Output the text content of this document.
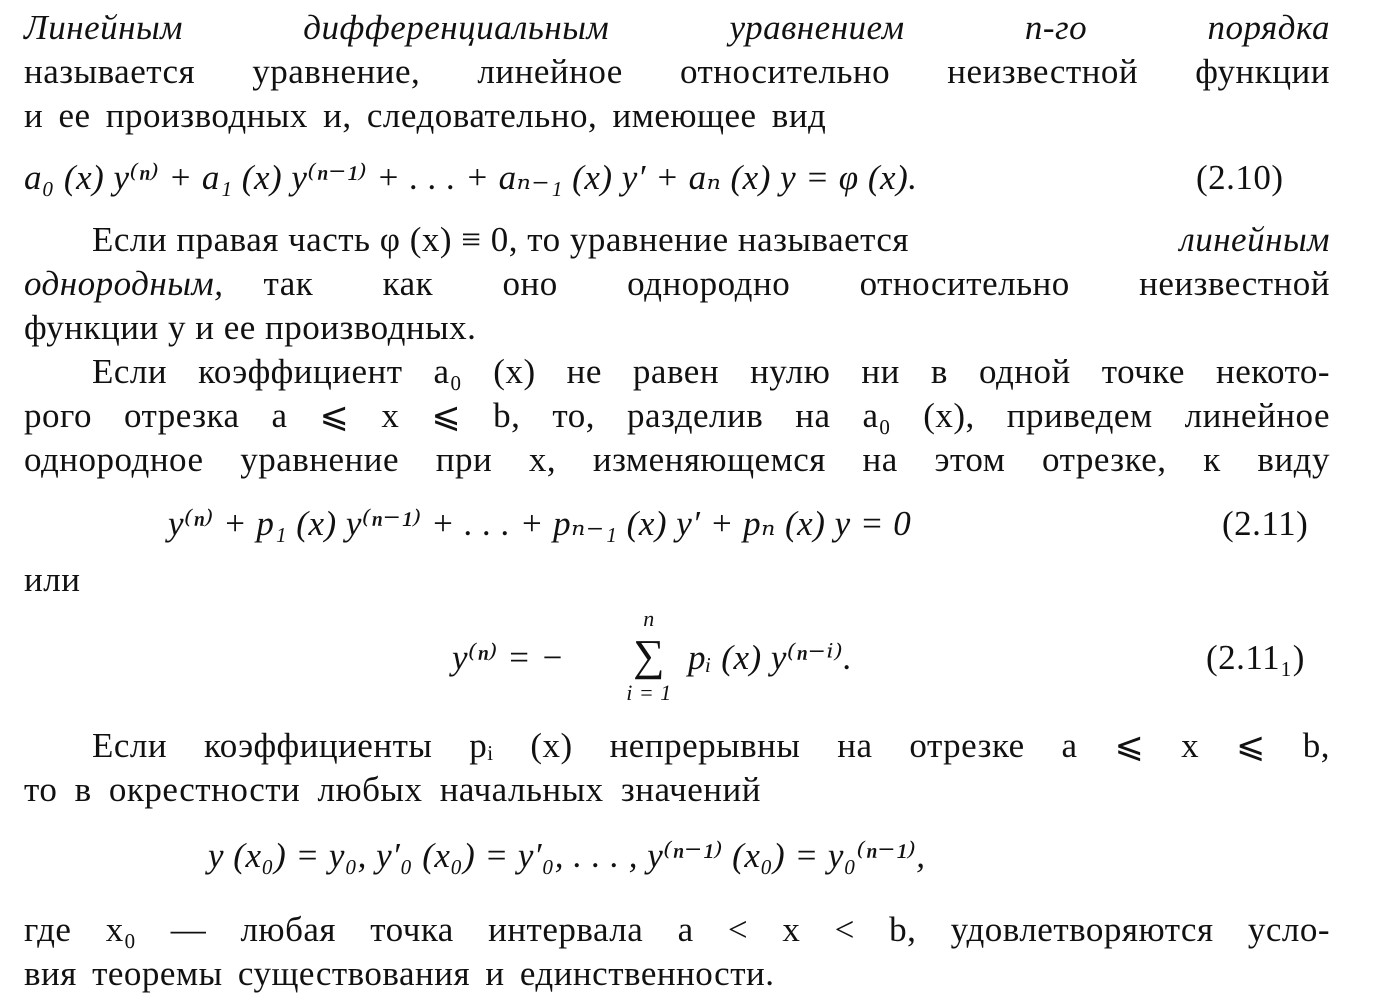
Линейным дифференциальным уравнением n-го порядка
называется уравнение, линейное относительно неизвестной функции
и ее производных и, следовательно, имеющее вид
a₀ (x) y⁽ⁿ⁾ + a₁ (x) y⁽ⁿ⁻¹⁾ + . . . + aₙ₋₁ (x) y′ + aₙ (x) y = φ (x).	(2.10)
Если правая часть φ (x) ≡ 0, то уравнение называется	линейным
однородным, так как оно однородно относительно неизвестной
функции y и ее производных.
Если коэффициент a₀ (x) не равен нулю ни в одной точке некото-
рого отрезка a ⩽ x ⩽ b, то, разделив на a₀ (x), приведем линейное
однородное уравнение при x, изменяющемся на этом отрезке, к виду
y⁽ⁿ⁾ + p₁ (x) y⁽ⁿ⁻¹⁾ + . . . + pₙ₋₁ (x) y′ + pₙ (x) y = 0	(2.11)
или
y⁽ⁿ⁾ = −
n
∑
i = 1
pᵢ (x) y⁽ⁿ⁻ⁱ⁾.	(2.11₁)
Если коэффициенты pᵢ (x) непрерывны на отрезке a ⩽ x ⩽ b,
то в окрестности любых начальных значений
y (x₀) = y₀, y′₀ (x₀) = y′₀, . . . , y⁽ⁿ⁻¹⁾ (x₀) = y₀⁽ⁿ⁻¹⁾,
где x₀ — любая точка интервала a < x < b, удовлетворяются усло-
вия теоремы существования и единственности.
